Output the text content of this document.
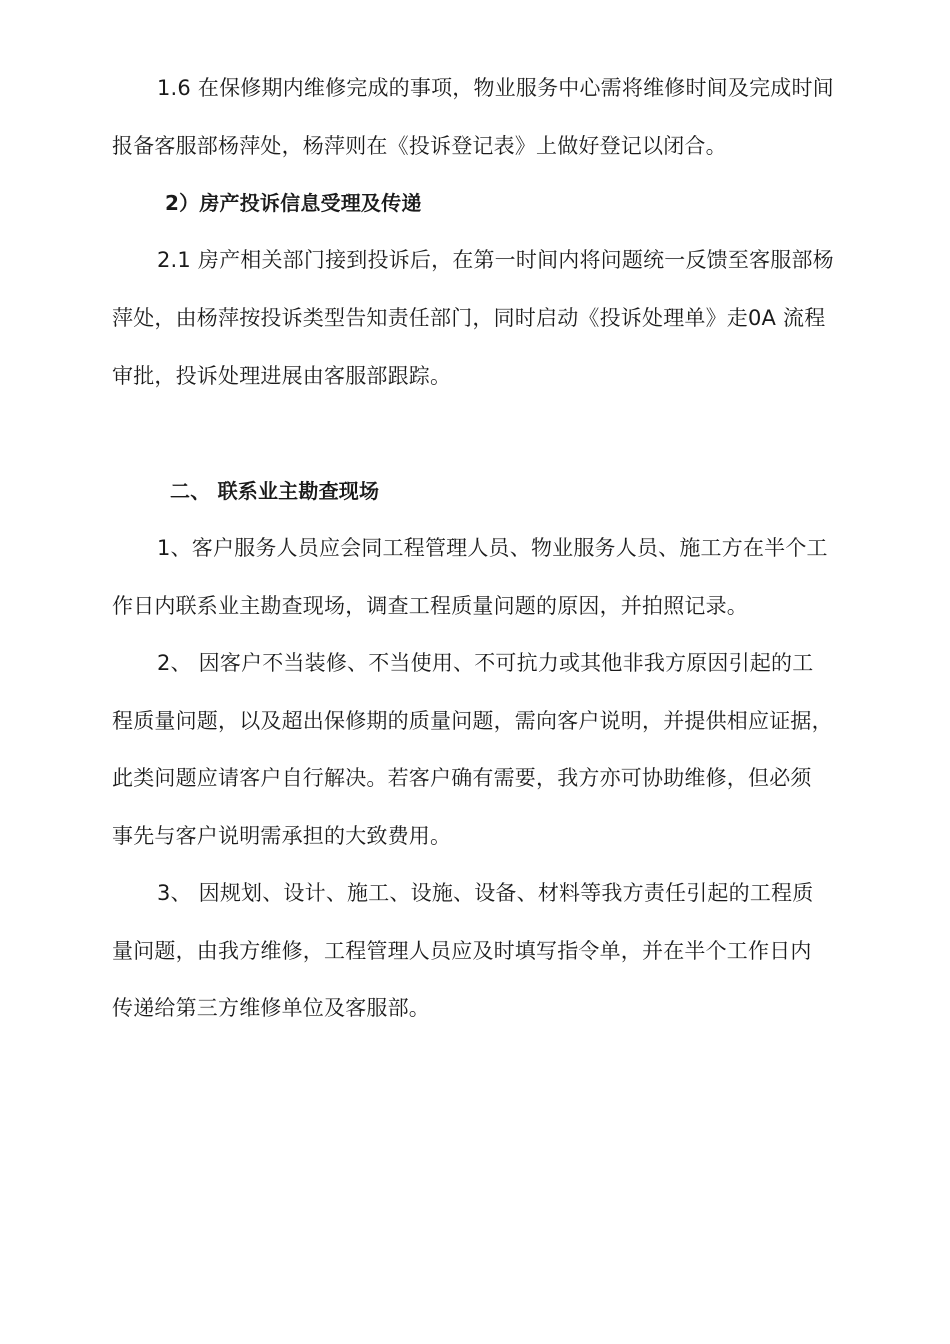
1.6 在保修期内维修完成的事项，物业服务中心需将维修时间及完成时间
报备客服部杨萍处，杨萍则在《投诉登记表》上做好登记以闭合。
2）房产投诉信息受理及传递
2.1 房产相关部门接到投诉后，在第一时间内将问题统一反馈至客服部杨
萍处，由杨萍按投诉类型告知责任部门，同时启动《投诉处理单》走0A 流程
审批，投诉处理进展由客服部跟踪。
二、 联系业主勘查现场
1、客户服务人员应会同工程管理人员、物业服务人员、施工方在半个工
作日内联系业主勘查现场，调查工程质量问题的原因，并拍照记录。
2、 因客户不当装修、不当使用、不可抗力或其他非我方原因引起的工
程质量问题，以及超出保修期的质量问题，需向客户说明，并提供相应证据，
此类问题应请客户自行解决。若客户确有需要，我方亦可协助维修，但必须
事先与客户说明需承担的大致费用。
3、 因规划、设计、施工、设施、设备、材料等我方责任引起的工程质
量问题，由我方维修，工程管理人员应及时填写指令单，并在半个工作日内
传递给第三方维修单位及客服部。
